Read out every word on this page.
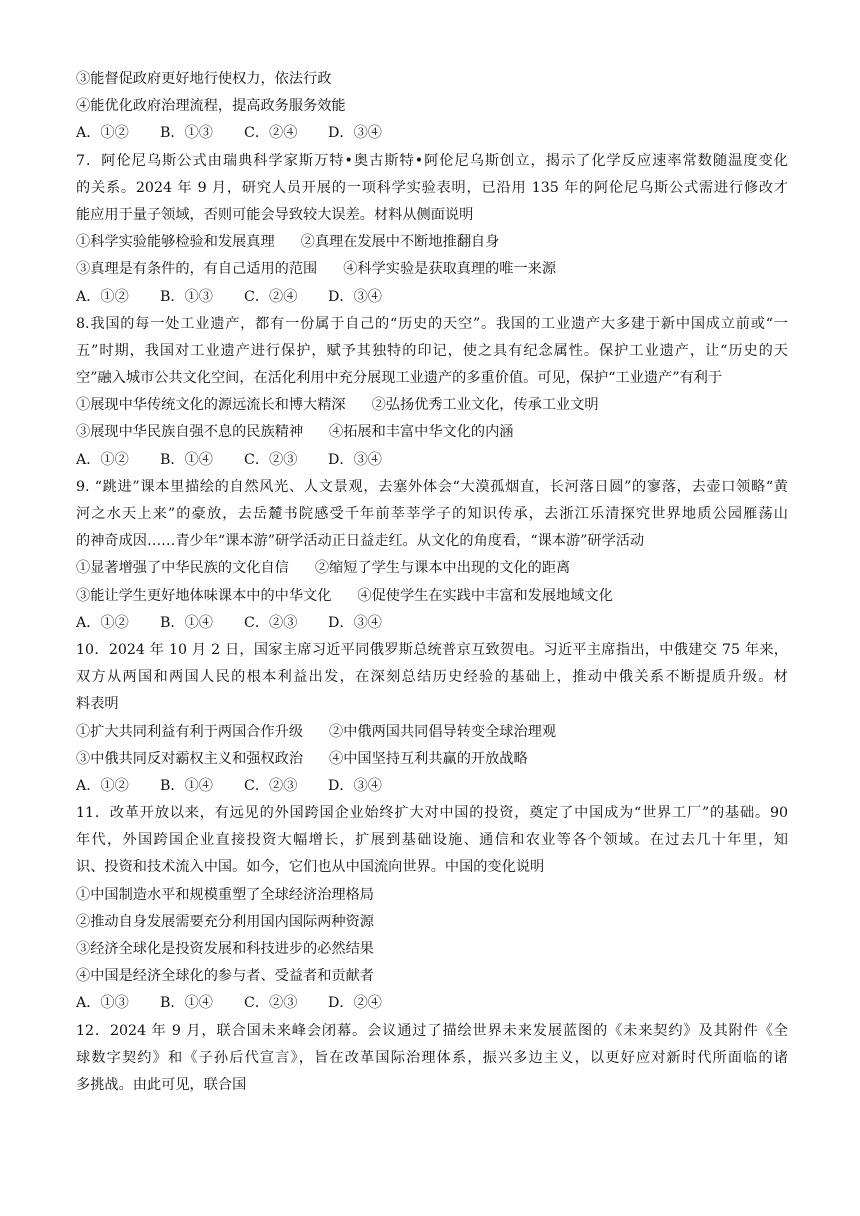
③能督促政府更好地行使权力，依法行政
④能优化政府治理流程，提高政务服务效能
A．①②	B．①③	C．②④	D．③④
7．阿伦尼乌斯公式由瑞典科学家斯万特•奥古斯特•阿伦尼乌斯创立，揭示了化学反应速率常数随温度变化
的关系。2024 年 9 月，研究人员开展的一项科学实验表明，已沿用 135 年的阿伦尼乌斯公式需进行修改才
能应用于量子领域，否则可能会导致较大误差。材料从侧面说明
①科学实验能够检验和发展真理 ②真理在发展中不断地推翻自身
③真理是有条件的，有自己适用的范围 ④科学实验是获取真理的唯一来源
A．①②	B．①③	C．②④	D．③④
8.我国的每一处工业遗产，都有一份属于自己的“历史的天空”。我国的工业遗产大多建于新中国成立前或“一
五”时期，我国对工业遗产进行保护，赋予其独特的印记，使之具有纪念属性。保护工业遗产，让“历史的天
空”融入城市公共文化空间，在活化利用中充分展现工业遗产的多重价值。可见，保护“工业遗产”有利于
①展现中华传统文化的源远流长和博大精深 ②弘扬优秀工业文化，传承工业文明
③展现中华民族自强不息的民族精神 ④拓展和丰富中华文化的内涵
A．①②	B．①④	C．②③	D．③④
9. “跳进”课本里描绘的自然风光、人文景观，去塞外体会“大漠孤烟直，长河落日圆”的寥落，去壶口领略“黄
河之水天上来”的豪放，去岳麓书院感受千年前莘莘学子的知识传承，去浙江乐清探究世界地质公园雁荡山
的神奇成因……青少年“课本游”研学活动正日益走红。从文化的角度看，“课本游”研学活动
①显著增强了中华民族的文化自信 ②缩短了学生与课本中出现的文化的距离
③能让学生更好地体味课本中的中华文化 ④促使学生在实践中丰富和发展地域文化
A．①②	B．①④	C．②③	D．③④
10．2024 年 10 月 2 日，国家主席习近平同俄罗斯总统普京互致贺电。习近平主席指出，中俄建交 75 年来，
双方从两国和两国人民的根本利益出发，在深刻总结历史经验的基础上，推动中俄关系不断提质升级。材
料表明
①扩大共同利益有利于两国合作升级 ②中俄两国共同倡导转变全球治理观
③中俄共同反对霸权主义和强权政治 ④中国坚持互利共赢的开放战略
A．①②	B．①④	C．②③	D．③④
11．改革开放以来，有远见的外国跨国企业始终扩大对中国的投资，奠定了中国成为“世界工厂”的基础。90
年代，外国跨国企业直接投资大幅增长，扩展到基础设施、通信和农业等各个领域。在过去几十年里，知
识、投资和技术流入中国。如今，它们也从中国流向世界。中国的变化说明
①中国制造水平和规模重塑了全球经济治理格局
②推动自身发展需要充分利用国内国际两种资源
③经济全球化是投资发展和科技进步的必然结果
④中国是经济全球化的参与者、受益者和贡献者
A．①③	B．①④	C．②③	D．②④
12．2024 年 9 月，联合国未来峰会闭幕。会议通过了描绘世界未来发展蓝图的《未来契约》及其附件《全
球数字契约》和《子孙后代宣言》，旨在改革国际治理体系，振兴多边主义，以更好应对新时代所面临的诸
多挑战。由此可见，联合国
